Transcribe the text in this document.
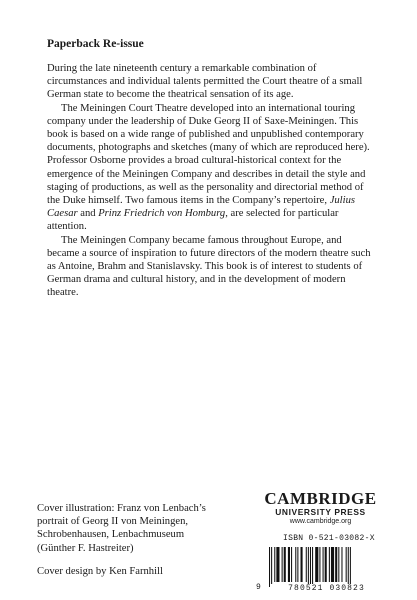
Paperback Re-issue

During the late nineteenth century a remarkable combination of circumstances and individual talents permitted the Court theatre of a small German state to become the theatrical sensation of its age.

The Meiningen Court Theatre developed into an international touring company under the leadership of Duke Georg II of Saxe-Meiningen. This book is based on a wide range of published and unpublished contemporary documents, photographs and sketches (many of which are reproduced here). Professor Osborne provides a broad cultural-historical context for the emergence of the Meiningen Company and describes in detail the style and staging of productions, as well as the personality and directorial method of the Duke himself. Two famous items in the Company’s repertoire, Julius Caesar and Prinz Friedrich von Homburg, are selected for particular attention.

The Meiningen Company became famous throughout Europe, and became a source of inspiration to future directors of the modern theatre such as Antoine, Brahm and Stanislavsky. This book is of interest to students of German drama and cultural history, and in the development of modern theatre.

Cover illustration: Franz von Lenbach’s
portrait of Georg II von Meiningen,
Schrobenhausen, Lenbachmuseum
(Günther F. Hastreiter)
Cover design by Ken Farnhill
CAMBRIDGE
UNIVERSITY PRESS
www.cambridge.org
ISBN 0-521-03082-X
9	780521 030823
